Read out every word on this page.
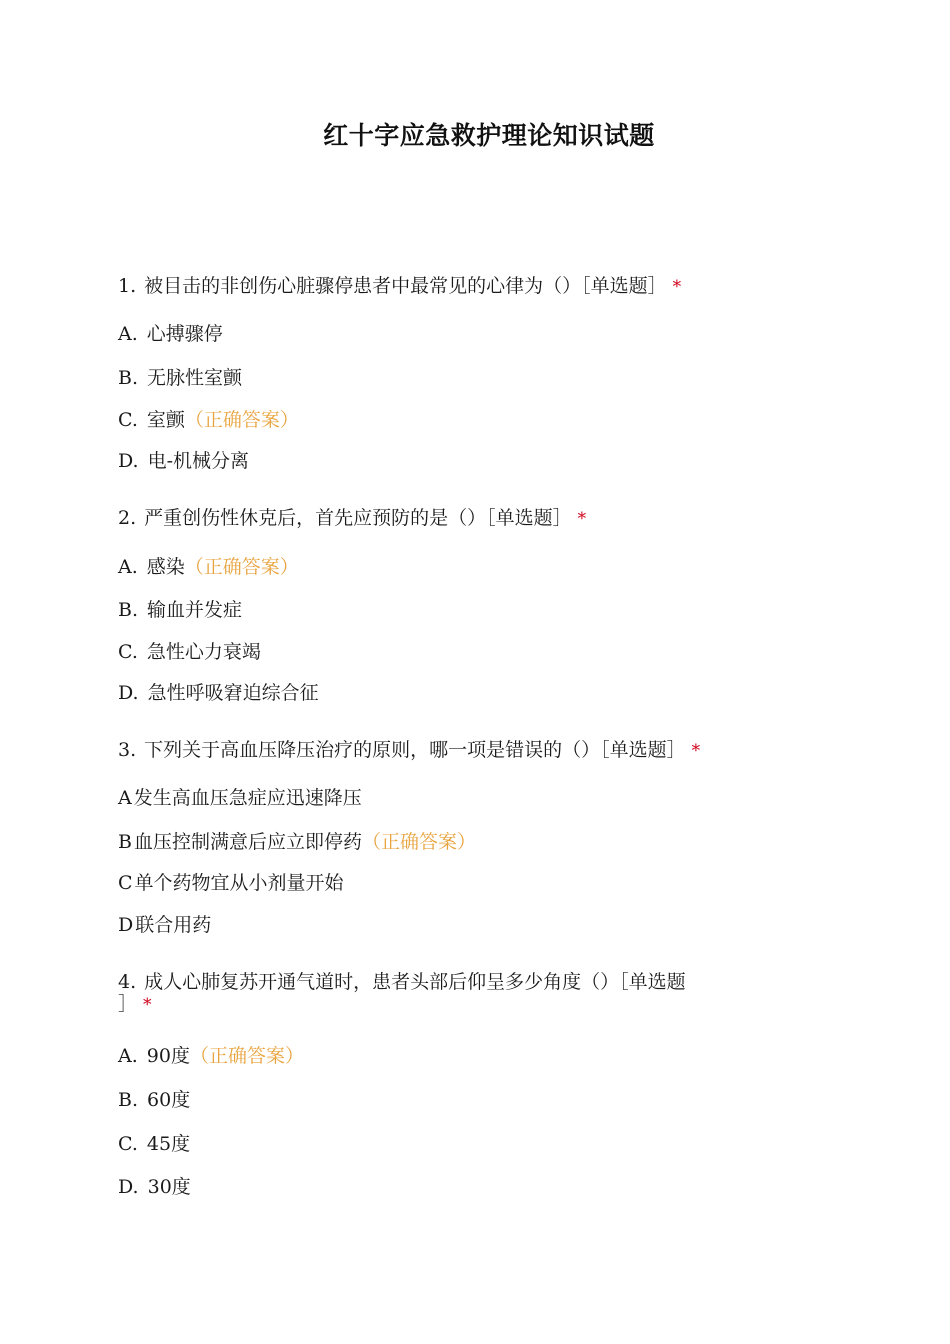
红十字应急救护理论知识试题
1. 被目击的非创伤心脏骤停患者中最常见的心律为（）［单选题］ *
A. 心搏骤停
B. 无脉性室颤
C. 室颤（正确答案）
D. 电-机械分离
2. 严重创伤性休克后，首先应预防的是（）［单选题］ *
A. 感染（正确答案）
B. 输血并发症
C. 急性心力衰竭
D. 急性呼吸窘迫综合征
3. 下列关于高血压降压治疗的原则，哪一项是错误的（）［单选题］ *
A 发生高血压急症应迅速降压
B 血压控制满意后应立即停药（正确答案）
C 单个药物宜从小剂量开始
D 联合用药
4. 成人心肺复苏开通气道时，患者头部后仰呈多少角度（）［单选题
］ *
A. 90度（正确答案）
B. 60度
C. 45度
D. 30度
